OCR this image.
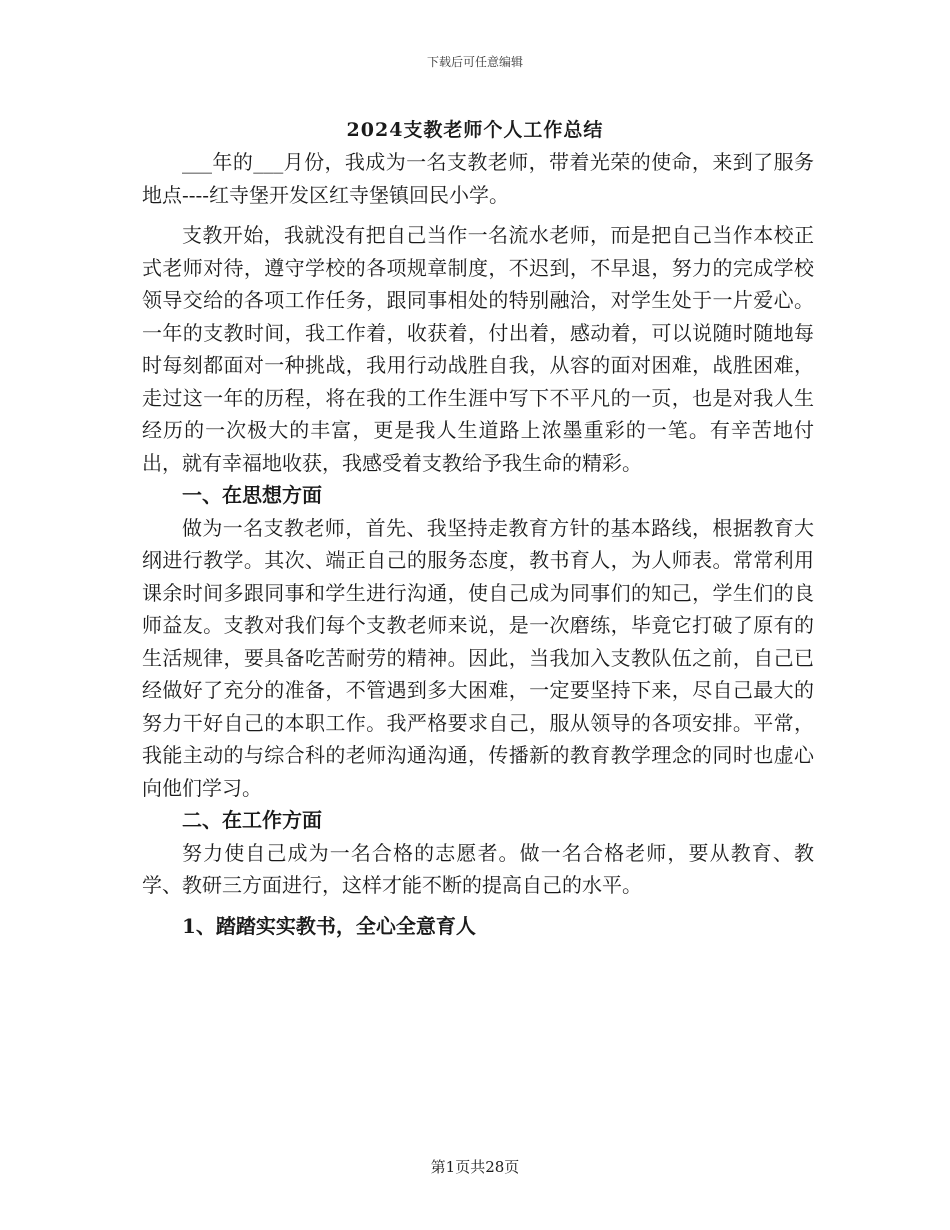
下载后可任意编辑
2024支教老师个人工作总结

___年的___月份，我成为一名支教老师，带着光荣的使命，来到了服务地点----红寺堡开发区红寺堡镇回民小学。

支教开始，我就没有把自己当作一名流水老师，而是把自己当作本校正式老师对待，遵守学校的各项规章制度，不迟到，不早退，努力的完成学校领导交给的各项工作任务，跟同事相处的特别融洽，对学生处于一片爱心。一年的支教时间，我工作着，收获着，付出着，感动着，可以说随时随地每时每刻都面对一种挑战，我用行动战胜自我，从容的面对困难，战胜困难，走过这一年的历程，将在我的工作生涯中写下不平凡的一页，也是对我人生经历的一次极大的丰富，更是我人生道路上浓墨重彩的一笔。有辛苦地付出，就有幸福地收获，我感受着支教给予我生命的精彩。

一、在思想方面

做为一名支教老师，首先、我坚持走教育方针的基本路线，根据教育大纲进行教学。其次、端正自己的服务态度，教书育人，为人师表。常常利用课余时间多跟同事和学生进行沟通，使自己成为同事们的知己，学生们的良师益友。支教对我们每个支教老师来说，是一次磨练，毕竟它打破了原有的生活规律，要具备吃苦耐劳的精神。因此，当我加入支教队伍之前，自己已经做好了充分的准备，不管遇到多大困难，一定要坚持下来，尽自己最大的努力干好自己的本职工作。我严格要求自己，服从领导的各项安排。平常，我能主动的与综合科的老师沟通沟通，传播新的教育教学理念的同时也虚心向他们学习。

二、在工作方面

努力使自己成为一名合格的志愿者。做一名合格老师，要从教育、教学、教研三方面进行，这样才能不断的提高自己的水平。

1、踏踏实实教书，全心全意育人

第1页共28页
